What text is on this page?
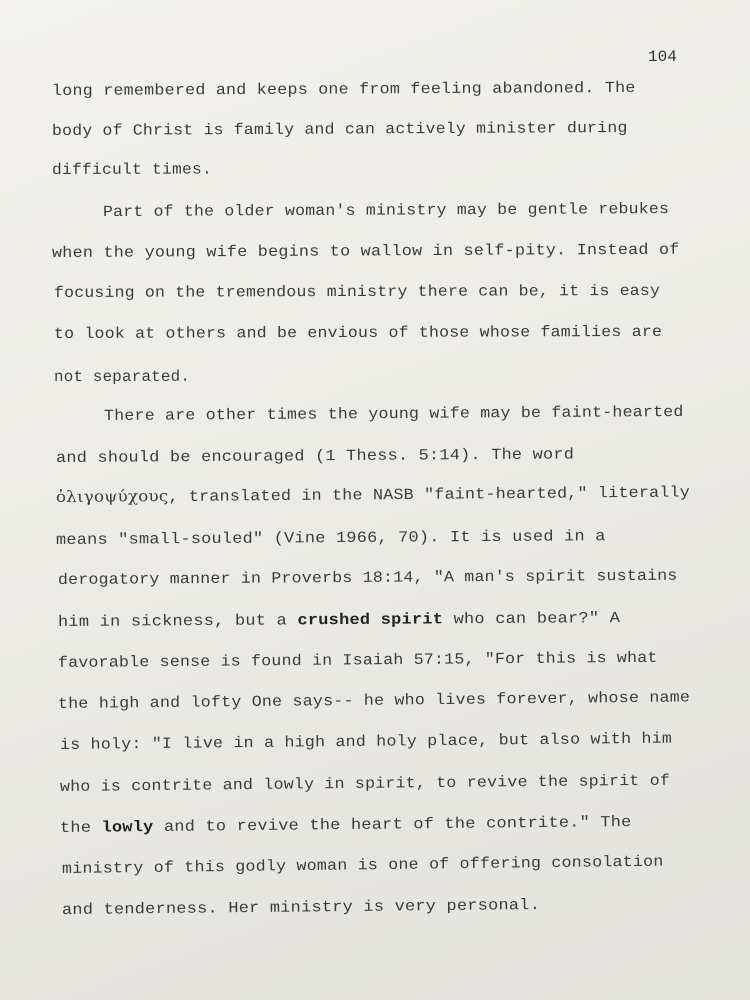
104
long remembered and keeps one from feeling abandoned. The
body of Christ is family and can actively minister during
difficult times.
Part of the older woman's ministry may be gentle rebukes
when the young wife begins to wallow in self-pity. Instead of
focusing on the tremendous ministry there can be, it is easy
to look at others and be envious of those whose families are
not separated.
There are other times the young wife may be faint-hearted
and should be encouraged (1 Thess. 5:14). The word
ὀλιγοψύχους, translated in the NASB "faint-hearted," literally
means "small-souled" (Vine 1966, 70). It is used in a
derogatory manner in Proverbs 18:14, "A man's spirit sustains
him in sickness, but a crushed spirit who can bear?" A
favorable sense is found in Isaiah 57:15, "For this is what
the high and lofty One says-- he who lives forever, whose name
is holy: "I live in a high and holy place, but also with him
who is contrite and lowly in spirit, to revive the spirit of
the lowly and to revive the heart of the contrite." The
ministry of this godly woman is one of offering consolation
and tenderness. Her ministry is very personal.
